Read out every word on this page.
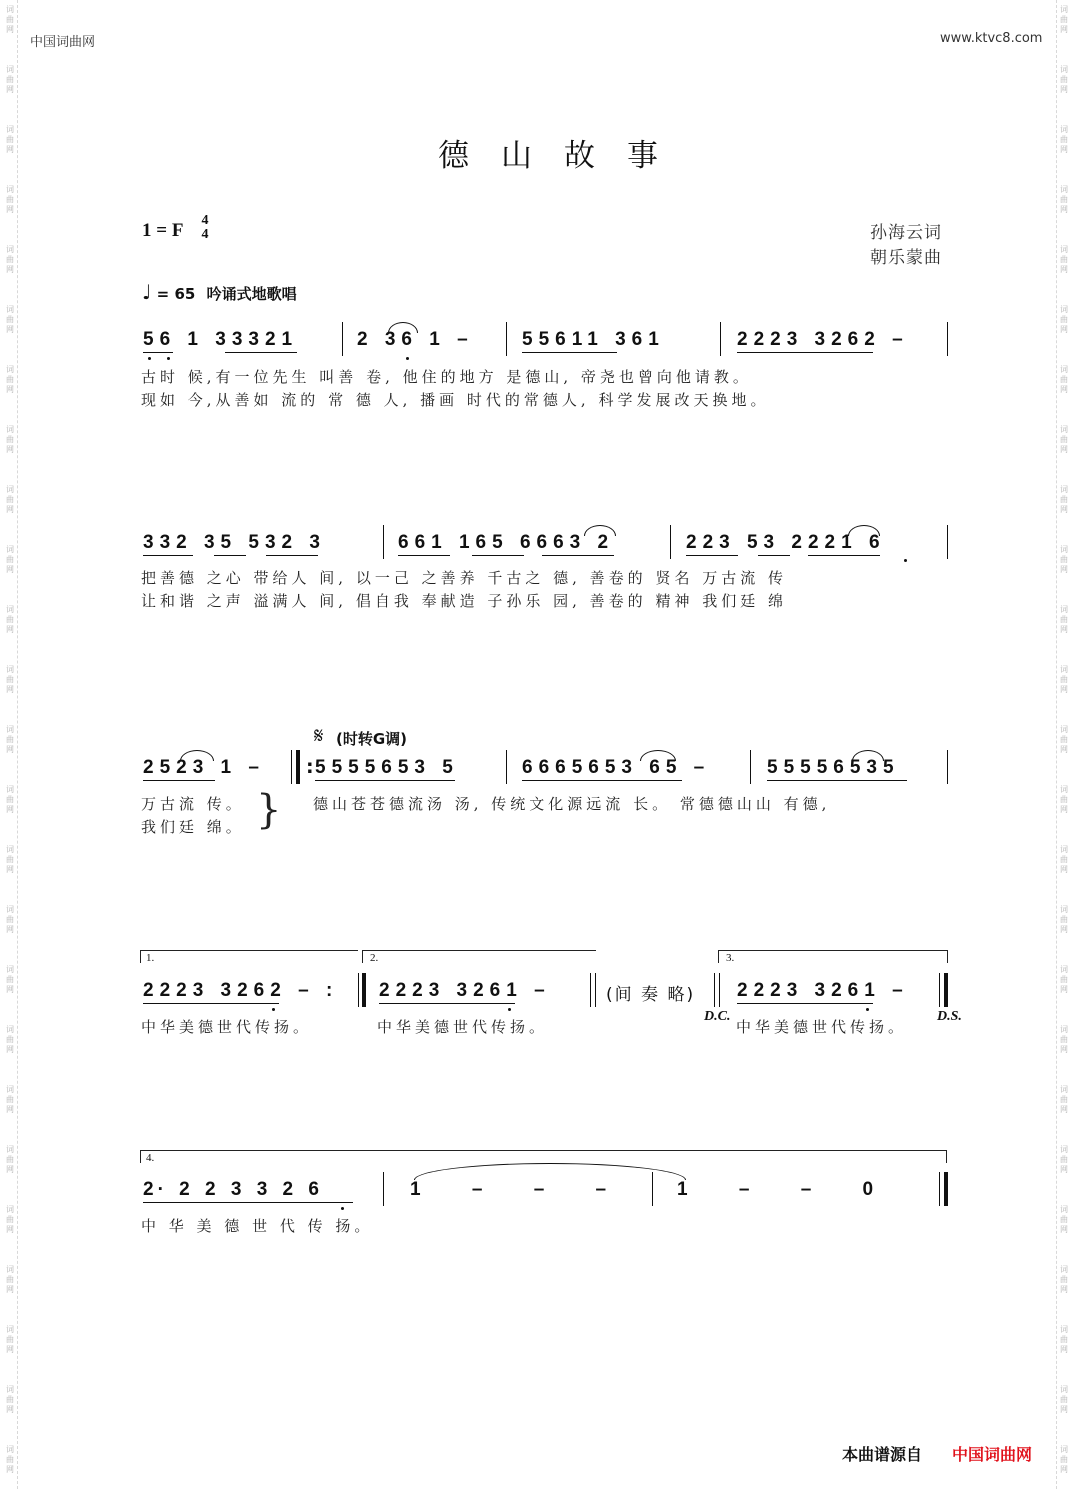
词曲网
词曲网
词曲网
词曲网
词曲网
词曲网
词曲网
词曲网
词曲网
词曲网
词曲网
词曲网
词曲网
词曲网
词曲网
词曲网
词曲网
词曲网
词曲网
词曲网
词曲网
词曲网
词曲网
词曲网
词曲网
词曲网
词曲网
词曲网
词曲网
词曲网
词曲网
词曲网
词曲网
词曲网
词曲网
词曲网
词曲网
词曲网
词曲网
词曲网
词曲网
词曲网
词曲网
词曲网
词曲网
词曲网
词曲网
词曲网
词曲网
词曲网
中国词曲网	www.ktvc8.com
德山故事
1 = F 4
4	孙海云词
朝乐蒙曲
♩ = 65 吟诵式地歌唱
56 1 33321	2 36 1 –	55611 361	2223 3262 –
古时 候,有一位先生 叫善 卷, 他住的地方 是德山, 帝尧也曾向他请教。
现如 今,从善如 流的 常 德 人, 播画 时代的常德人, 科学发展改天换地。
332 35 532 3	661 165 6663 2	223 53 2221 6
把善德 之心 带给人 间, 以一己 之善养 千古之 德, 善卷的 贤名 万古流 传
让和谐 之声 溢满人 间, 倡自我 奉献造 子孙乐 园, 善卷的 精神 我们廷 绵
𝄋 (时转G调)
2523 1 – : 5555653 5	6665653 65 –	55556535
万古流 传。
我们廷 绵。 } 德山苍苍德流汤 汤, 传统文化源远流 长。 常德德山山 有德,
1.	2.	3.
2223 3262 – : 2223 3261 –	(间 奏 略) 2223 3261 –
D.C.	D.S.
中华美德世代传扬。	中华美德世代传扬。	中华美德世代传扬。
4.
2· 2 2 3 3 2 6	1 – – –	1 – – 0
中 华 美 德 世 代 传 扬。
本曲谱源自 中国词曲网
